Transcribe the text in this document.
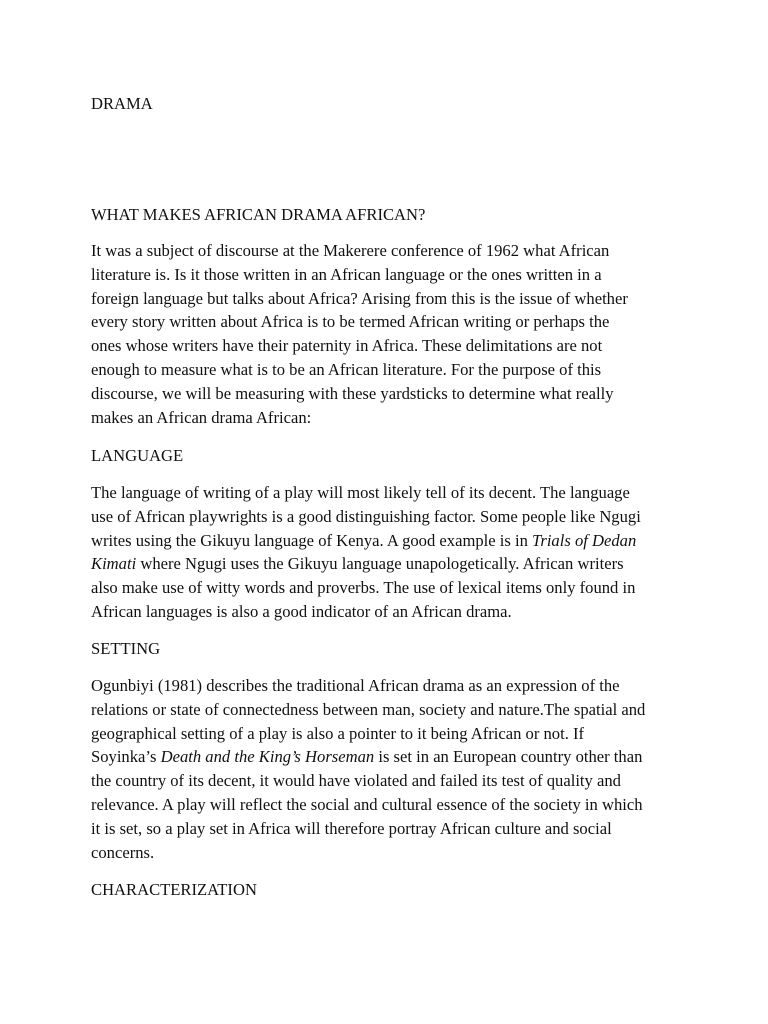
DRAMA

WHAT MAKES AFRICAN DRAMA AFRICAN?

It was a subject of discourse at the Makerere conference of 1962 what African
literature is. Is it those written in an African language or the ones written in a
foreign language but talks about Africa? Arising from this is the issue of whether
every story written about Africa is to be termed African writing or perhaps the
ones whose writers have their paternity in Africa. These delimitations are not
enough to measure what is to be an African literature. For the purpose of this
discourse, we will be measuring with these yardsticks to determine what really
makes an African drama African:

LANGUAGE

The language of writing of a play will most likely tell of its decent. The language
use of African playwrights is a good distinguishing factor. Some people like Ngugi
writes using the Gikuyu language of Kenya. A good example is in Trials of Dedan
Kimati where Ngugi uses the Gikuyu language unapologetically. African writers
also make use of witty words and proverbs. The use of lexical items only found in
African languages is also a good indicator of an African drama.

SETTING

Ogunbiyi (1981) describes the traditional African drama as an expression of the
relations or state of connectedness between man, society and nature.The spatial and
geographical setting of a play is also a pointer to it being African or not. If
Soyinka’s Death and the King’s Horseman is set in an European country other than
the country of its decent, it would have violated and failed its test of quality and
relevance. A play will reflect the social and cultural essence of the society in which
it is set, so a play set in Africa will therefore portray African culture and social
concerns.

CHARACTERIZATION
